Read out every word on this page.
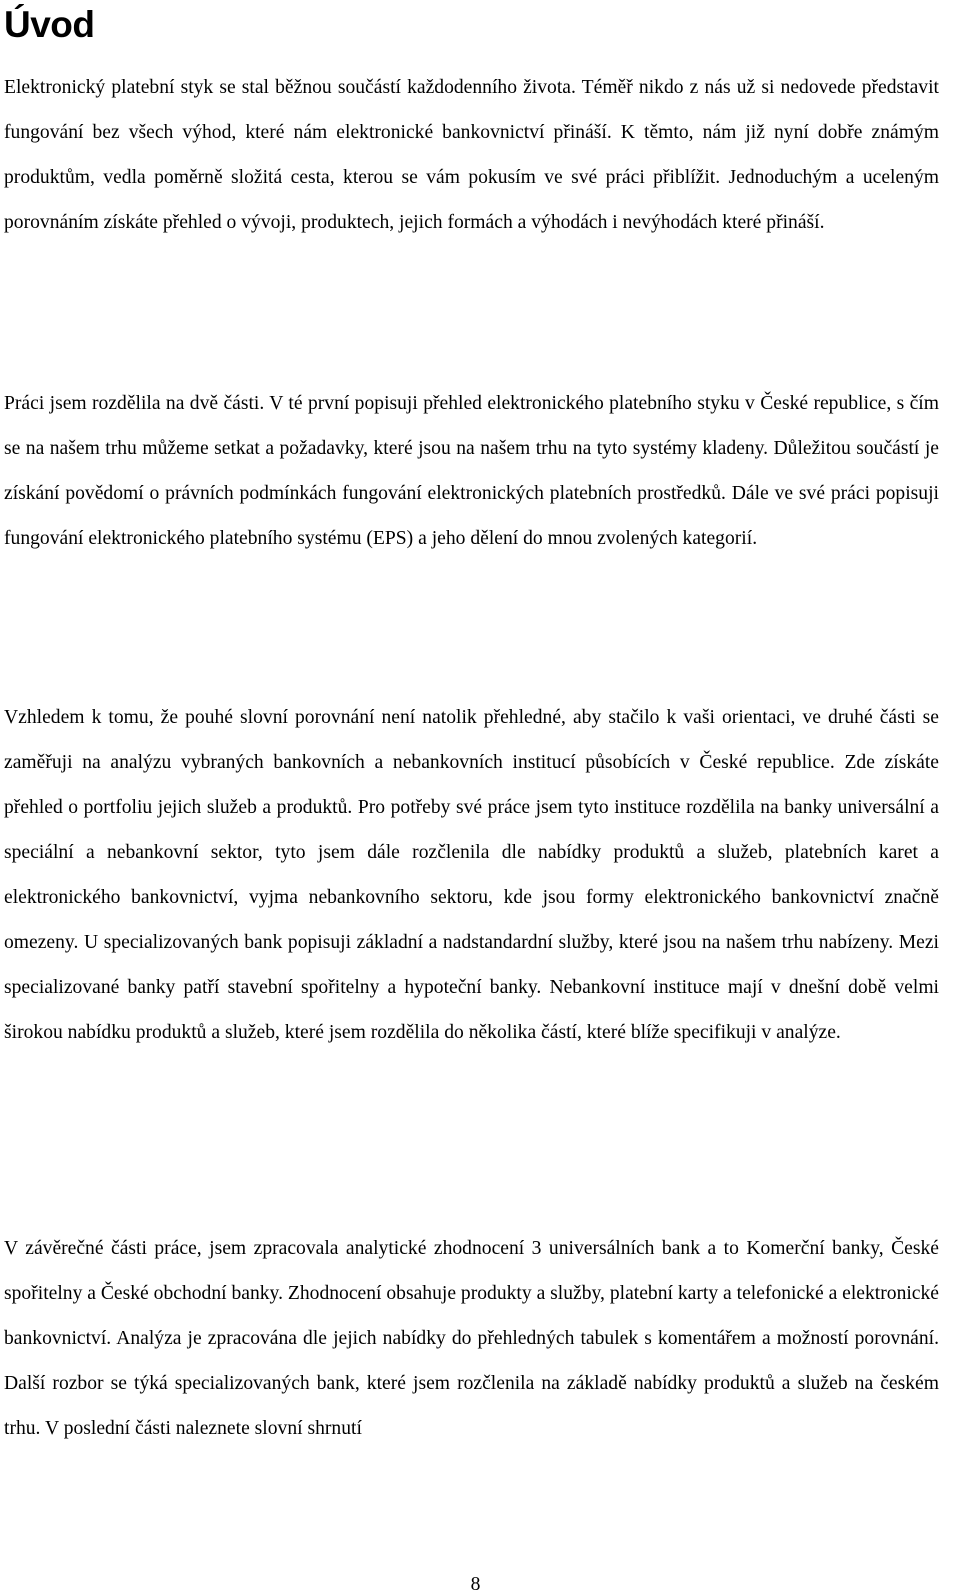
Úvod

Elektronický platební styk se stal běžnou součástí každodenního života. Téměř nikdo z nás už si nedovede představit fungování bez všech výhod, které nám elektronické bankovnictví přináší. K těmto, nám již nyní dobře známým produktům, vedla poměrně složitá cesta, kterou se vám pokusím ve své práci přiblížit. Jednoduchým a uceleným porovnáním získáte přehled o vývoji, produktech, jejich formách a výhodách i nevýhodách které přináší.

Práci jsem rozdělila na dvě části. V té první popisuji přehled elektronického platebního styku v České republice, s čím se na našem trhu můžeme setkat a požadavky, které jsou na našem trhu na tyto systémy kladeny. Důležitou součástí je získání povědomí o právních podmínkách fungování elektronických platebních prostředků. Dále ve své práci popisuji fungování elektronického platebního systému (EPS) a jeho dělení do mnou zvolených kategorií.

Vzhledem k tomu, že pouhé slovní porovnání není natolik přehledné, aby stačilo k vaši orientaci, ve druhé části se zaměřuji na analýzu vybraných bankovních a nebankovních institucí působících v České republice. Zde získáte přehled o portfoliu jejich služeb a produktů. Pro potřeby své práce jsem tyto instituce rozdělila na banky universální a speciální a nebankovní sektor, tyto jsem dále rozčlenila dle nabídky produktů a služeb, platebních karet a elektronického bankovnictví, vyjma nebankovního sektoru, kde jsou formy elektronického bankovnictví značně omezeny. U specializovaných bank popisuji základní a nadstandardní služby, které jsou na našem trhu nabízeny. Mezi specializované banky patří stavební spořitelny a hypoteční banky. Nebankovní instituce mají v dnešní době velmi širokou nabídku produktů a služeb, které jsem rozdělila do několika částí, které blíže specifikuji v analýze.

V závěrečné části práce, jsem zpracovala analytické zhodnocení 3 universálních bank a to Komerční banky, České spořitelny a České obchodní banky. Zhodnocení obsahuje produkty a služby, platební karty a telefonické a elektronické bankovnictví. Analýza je zpracována dle jejich nabídky do přehledných tabulek s komentářem a možností porovnání. Další rozbor se týká specializovaných bank, které jsem rozčlenila na základě nabídky produktů a služeb na českém trhu. V poslední části naleznete slovní shrnutí

8
